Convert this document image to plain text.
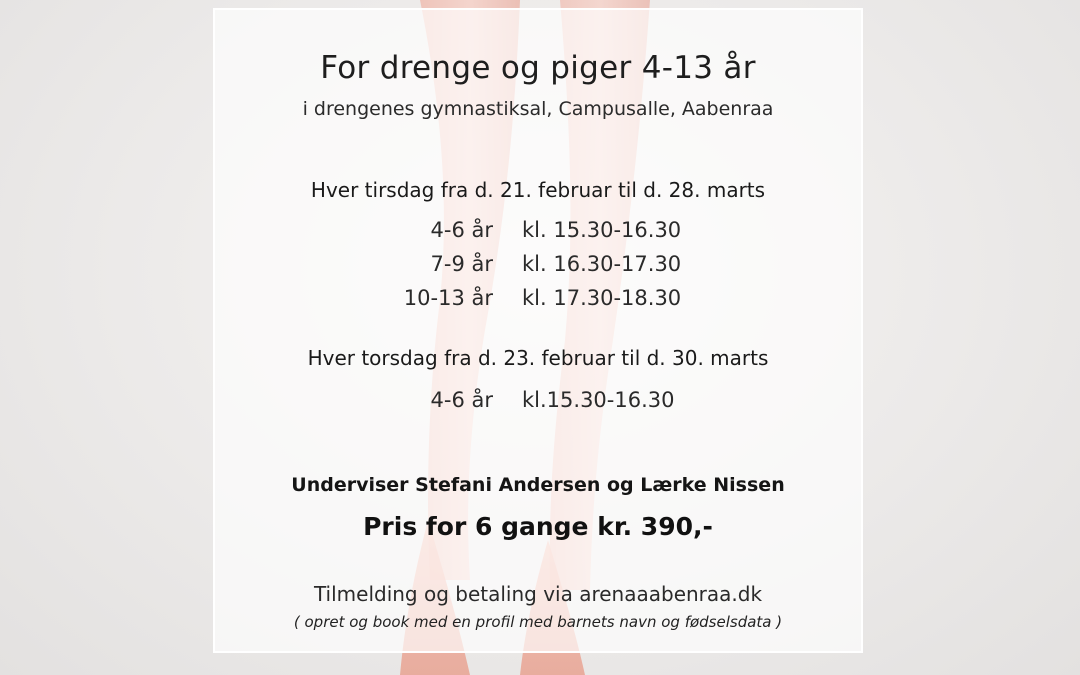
For drenge og piger 4-13 år
i drengenes gymnastiksal, Campusalle, Aabenraa
Hver tirsdag fra d. 21. februar til d. 28. marts
4-6 år kl. 15.30-16.30
7-9 år kl. 16.30-17.30
10-13 år kl. 17.30-18.30
Hver torsdag fra d. 23. februar til d. 30. marts
4-6 år kl.15.30-16.30
Underviser Stefani Andersen og Lærke Nissen
Pris for 6 gange kr. 390,-
Tilmelding og betaling via arenaaabenraa.dk
( opret og book med en profil med barnets navn og fødselsdata )
